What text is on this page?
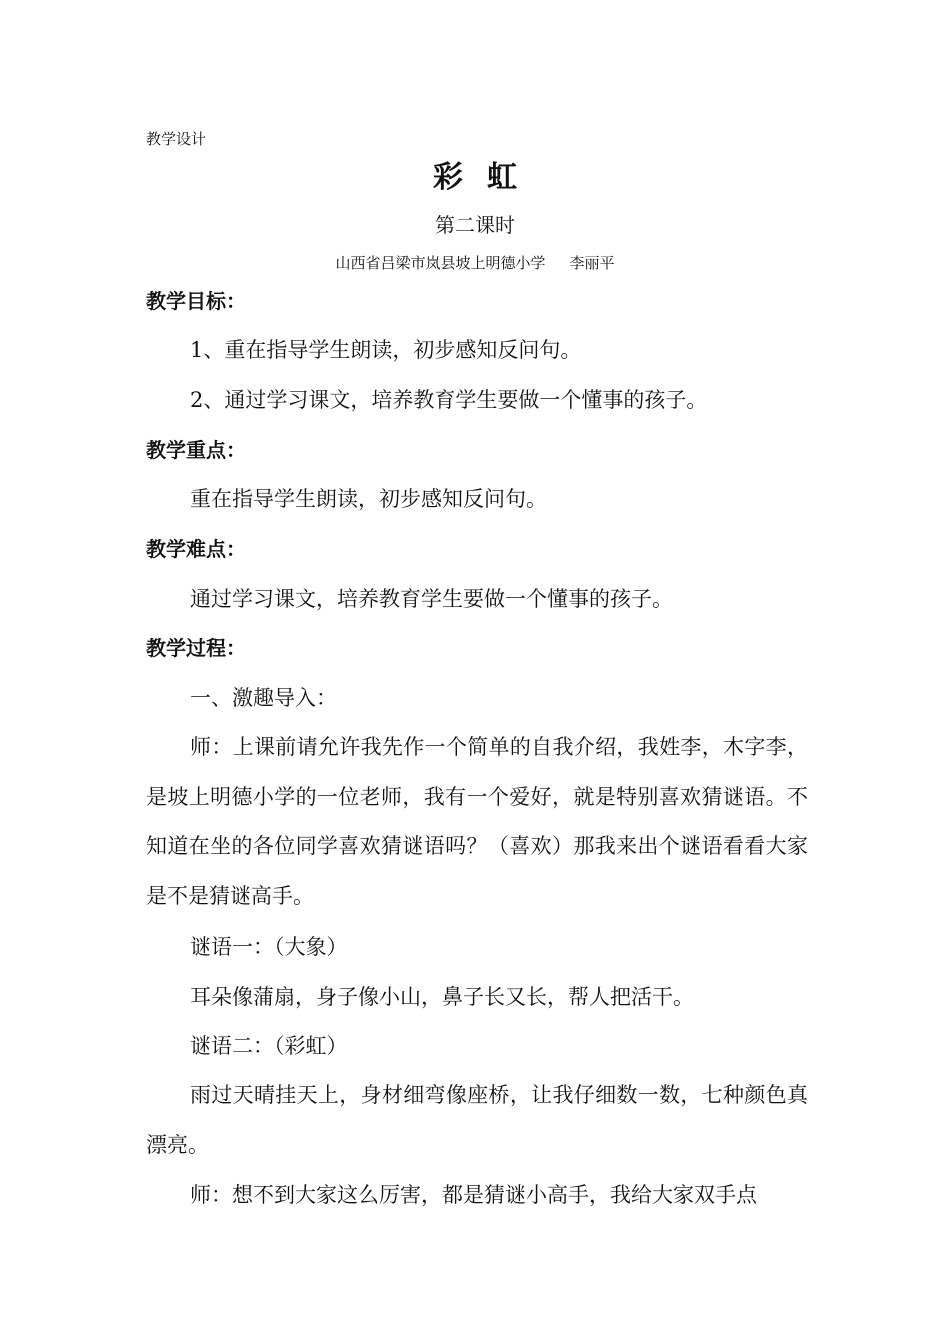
教学设计
彩虹
第二课时
山西省吕梁市岚县坡上明德小学 李丽平
教学目标：
1、重在指导学生朗读，初步感知反问句。
2、通过学习课文，培养教育学生要做一个懂事的孩子。
教学重点：
重在指导学生朗读，初步感知反问句。
教学难点：
通过学习课文，培养教育学生要做一个懂事的孩子。
教学过程：
一、激趣导入：
师：上课前请允许我先作一个简单的自我介绍，我姓李，木字李，是坡上明德小学的一位老师，我有一个爱好，就是特别喜欢猜谜语。不知道在坐的各位同学喜欢猜谜语吗？（喜欢）那我来出个谜语看看大家是不是猜谜高手。
谜语一：（大象）
耳朵像蒲扇，身子像小山，鼻子长又长，帮人把活干。
谜语二：（彩虹）
雨过天晴挂天上，身材细弯像座桥，让我仔细数一数，七种颜色真漂亮。
师：想不到大家这么厉害，都是猜谜小高手，我给大家双手点
